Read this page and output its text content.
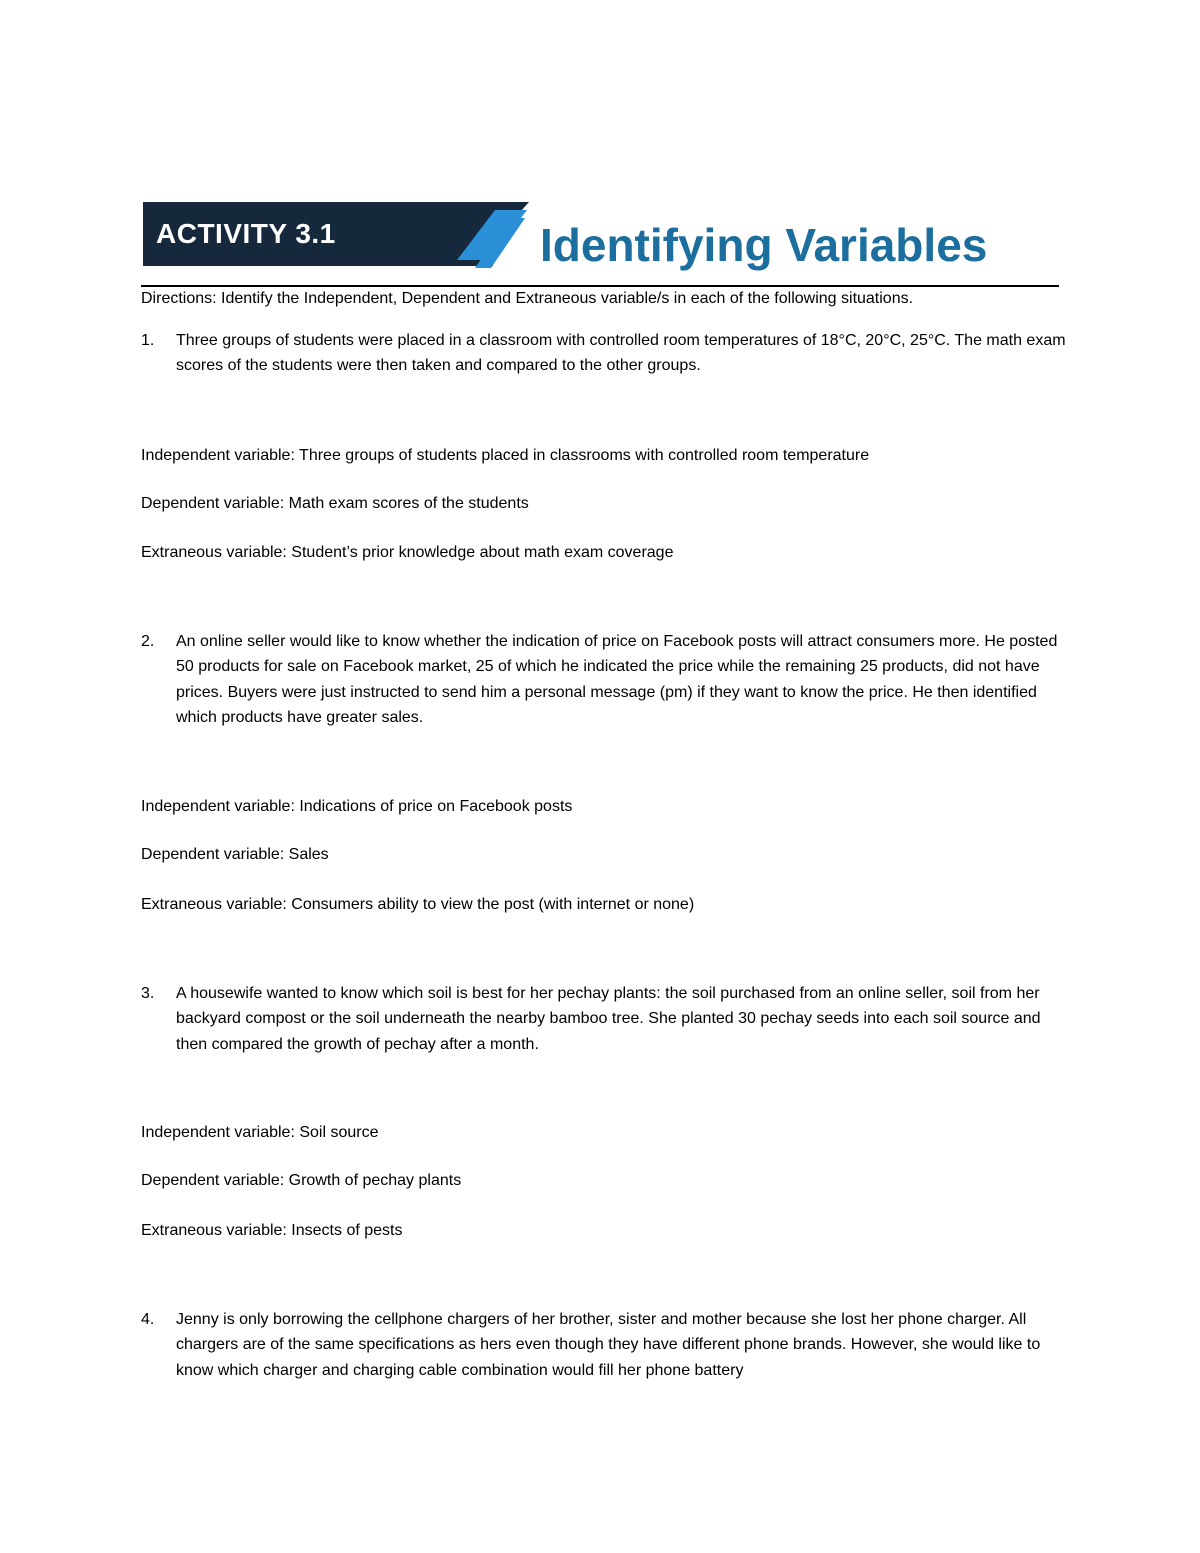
ACTIVITY 3.1	Identifying Variables
Directions: Identify the Independent, Dependent and Extraneous variable/s in each of the following situations.
1. Three groups of students were placed in a classroom with controlled room temperatures of 18°C, 20°C, 25°C. The math exam scores of the students were then taken and compared to the other groups.
Independent variable: Three groups of students placed in classrooms with controlled room temperature
Dependent variable: Math exam scores of the students
Extraneous variable: Student’s prior knowledge about math exam coverage
2. An online seller would like to know whether the indication of price on Facebook posts will attract consumers more. He posted 50 products for sale on Facebook market, 25 of which he indicated the price while the remaining 25 products, did not have prices. Buyers were just instructed to send him a personal message (pm) if they want to know the price. He then identified which products have greater sales.
Independent variable: Indications of price on Facebook posts
Dependent variable: Sales
Extraneous variable: Consumers ability to view the post (with internet or none)
3. A housewife wanted to know which soil is best for her pechay plants: the soil purchased from an online seller, soil from her backyard compost or the soil underneath the nearby bamboo tree. She planted 30 pechay seeds into each soil source and then compared the growth of pechay after a month.
Independent variable: Soil source
Dependent variable: Growth of pechay plants
Extraneous variable: Insects of pests
4. Jenny is only borrowing the cellphone chargers of her brother, sister and mother because she lost her phone charger. All chargers are of the same specifications as hers even though they have different phone brands. However, she would like to know which charger and charging cable combination would fill her phone battery
